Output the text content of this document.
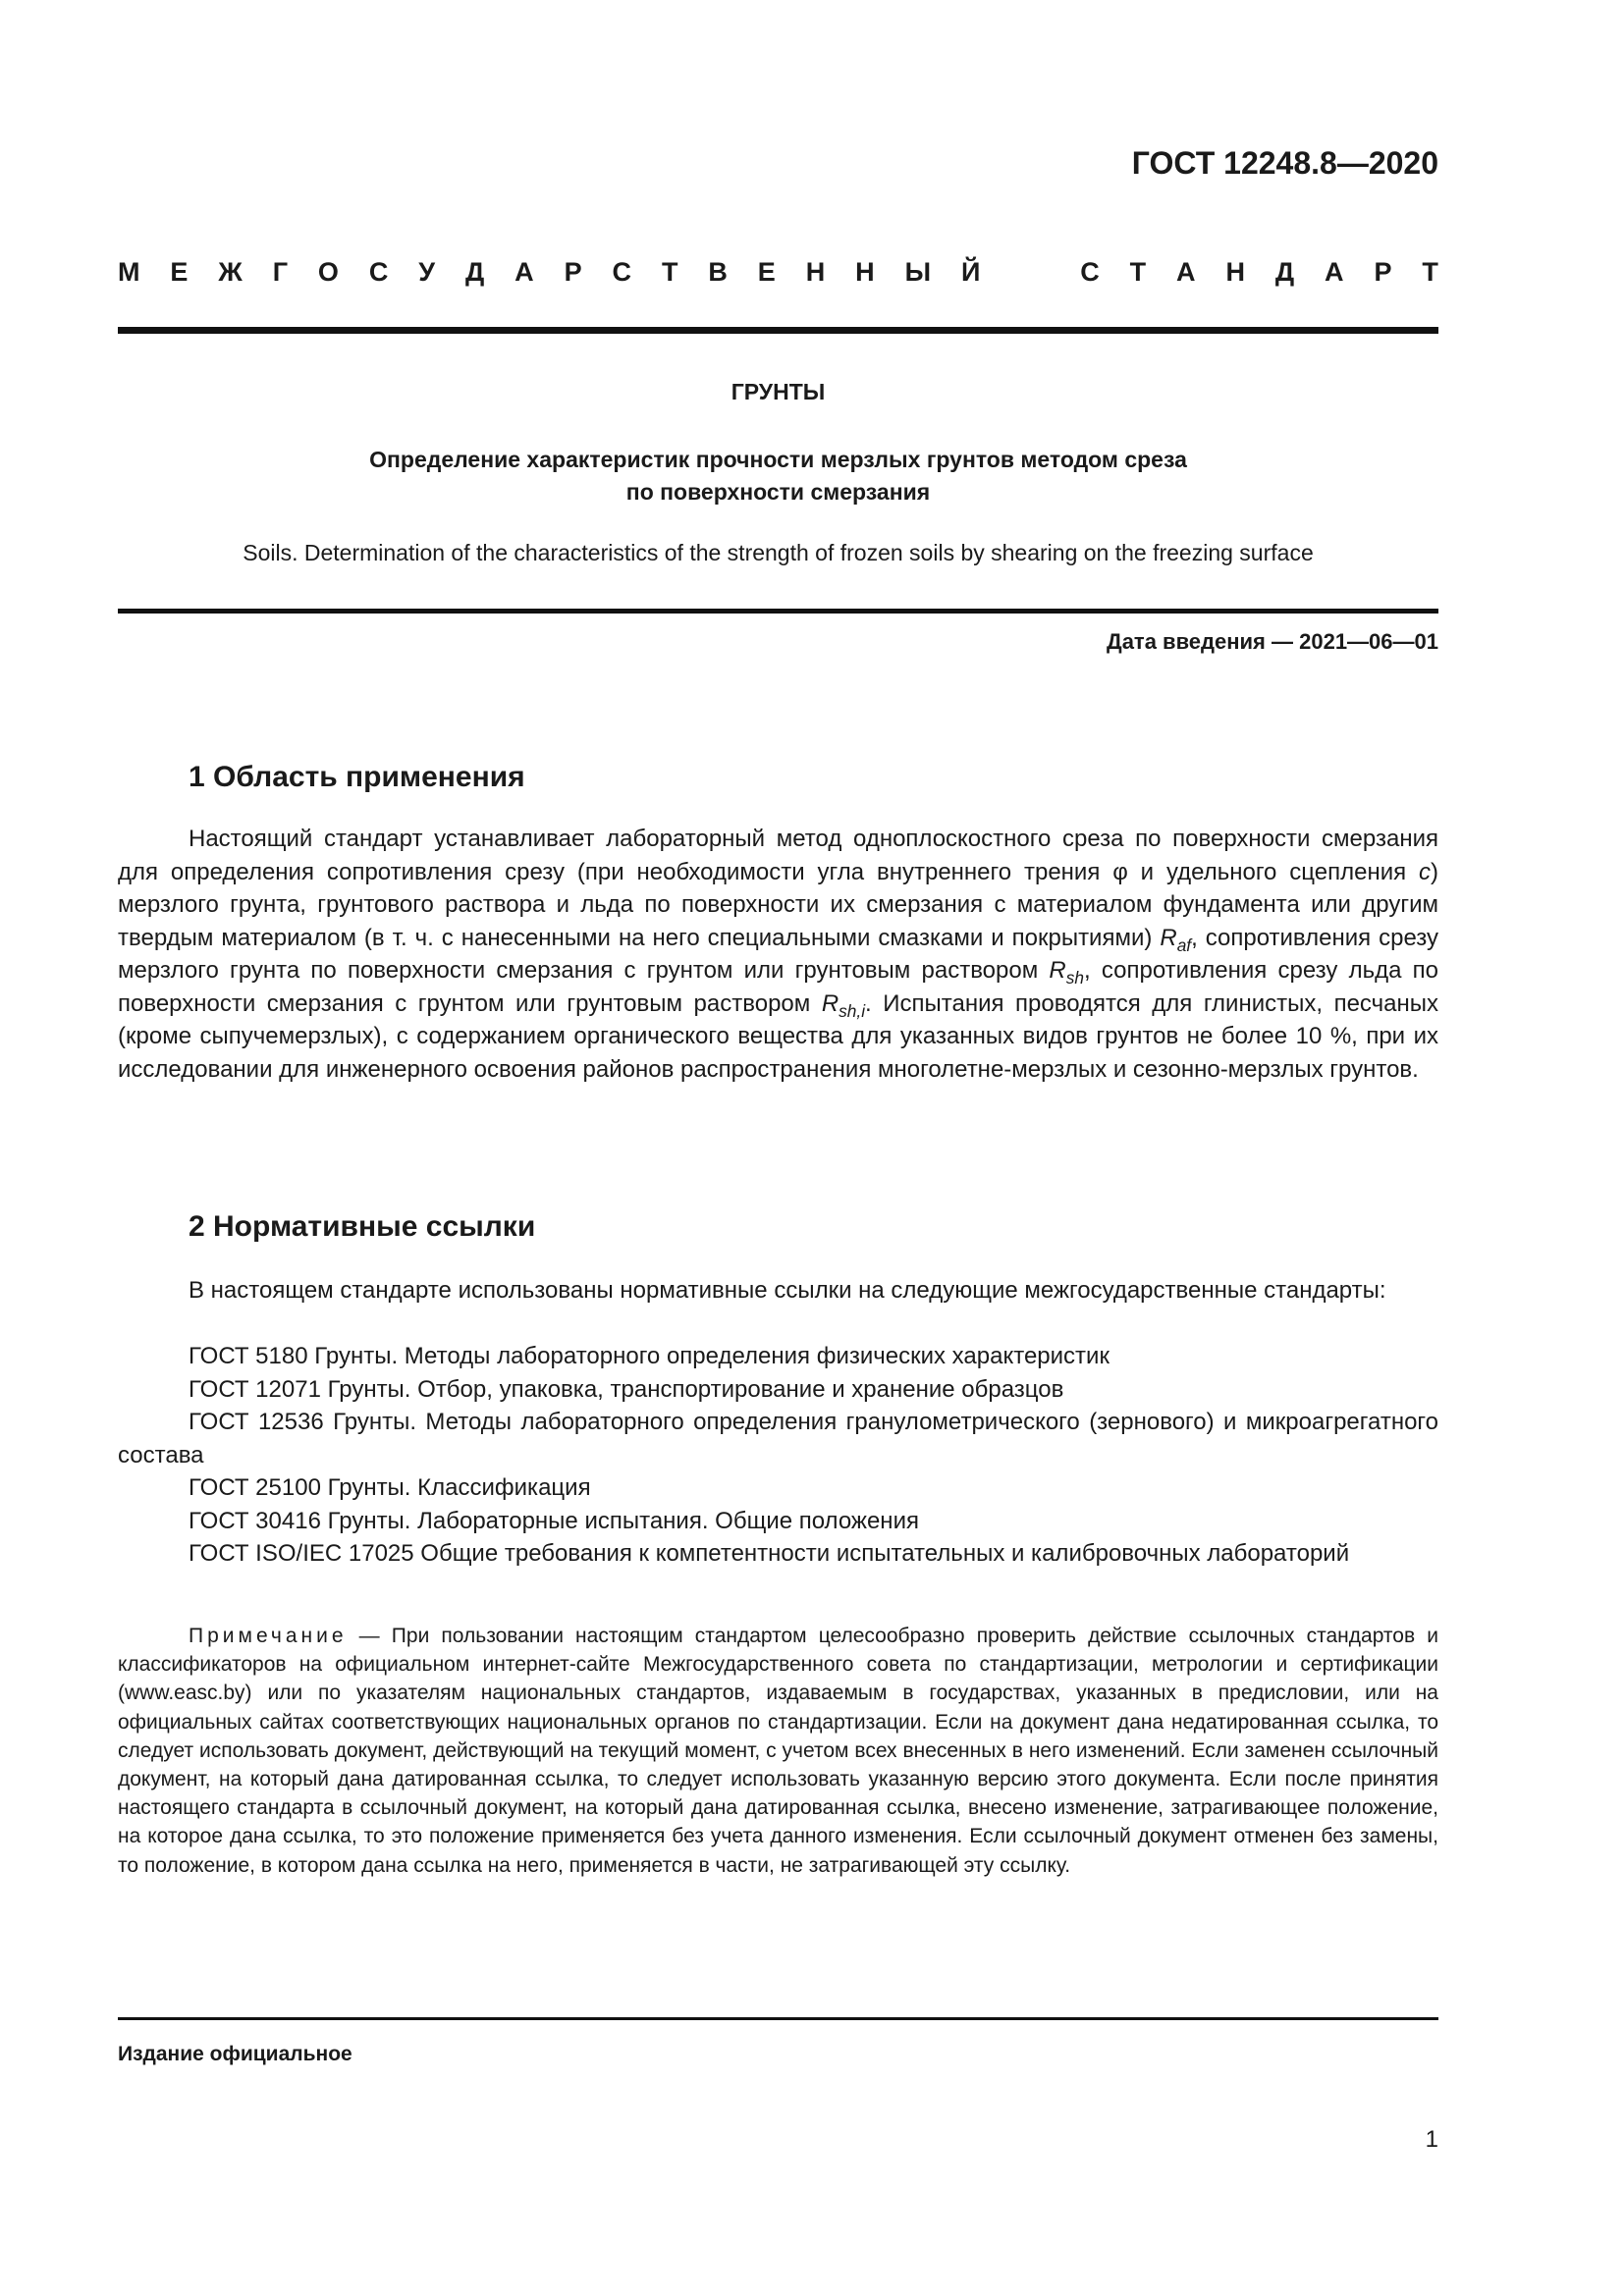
ГОСТ 12248.8—2020
М Е Ж Г О С У Д А Р С Т В Е Н Н Ы Й	С Т А Н Д А Р Т
ГРУНТЫ
Определение характеристик прочности мерзлых грунтов методом среза
по поверхности смерзания
Soils. Determination of the characteristics of the strength of frozen soils by shearing on the freezing surface
Дата введения — 2021—06—01
1 Область применения

Настоящий стандарт устанавливает лабораторный метод одноплоскостного среза по поверхности смерзания для определения сопротивления срезу (при необходимости угла внутреннего трения φ и удельного сцепления c) мерзлого грунта, грунтового раствора и льда по поверхности их смерзания с материалом фундамента или другим твердым материалом (в т. ч. с нанесенными на него специальными смазками и покрытиями) $R_{af}$, сопротивления срезу мерзлого грунта по поверхности смерзания с грунтом или грунтовым раствором $R_{sh}$, сопротивления срезу льда по поверхности смерзания с грунтом или грунтовым раствором $R_{sh,i}$. Испытания проводятся для глинистых, песчаных (кроме сыпучемерзлых), с содержанием органического вещества для указанных видов грунтов не более 10 %, при их исследовании для инженерного освоения районов распространения многолетне-мерзлых и сезонно-мерзлых грунтов.

2 Нормативные ссылки

В настоящем стандарте использованы нормативные ссылки на следующие межгосударственные стандарты:

ГОСТ 5180 Грунты. Методы лабораторного определения физических характеристик

ГОСТ 12071 Грунты. Отбор, упаковка, транспортирование и хранение образцов

ГОСТ 12536 Грунты. Методы лабораторного определения гранулометрического (зернового) и микроагрегатного состава

ГОСТ 25100 Грунты. Классификация

ГОСТ 30416 Грунты. Лабораторные испытания. Общие положения

ГОСТ ISO/IEC 17025 Общие требования к компетентности испытательных и калибровочных лабораторий

Примечание — При пользовании настоящим стандартом целесообразно проверить действие ссылочных стандартов и классификаторов на официальном интернет-сайте Межгосударственного совета по стандартизации, метрологии и сертификации (www.easc.by) или по указателям национальных стандартов, издаваемым в государствах, указанных в предисловии, или на официальных сайтах соответствующих национальных органов по стандартизации. Если на документ дана недатированная ссылка, то следует использовать документ, действующий на текущий момент, с учетом всех внесенных в него изменений. Если заменен ссылочный документ, на который дана датированная ссылка, то следует использовать указанную версию этого документа. Если после принятия настоящего стандарта в ссылочный документ, на который дана датированная ссылка, внесено изменение, затрагивающее положение, на которое дана ссылка, то это положение применяется без учета данного изменения. Если ссылочный документ отменен без замены, то положение, в котором дана ссылка на него, применяется в части, не затрагивающей эту ссылку.

Издание официальное
1
